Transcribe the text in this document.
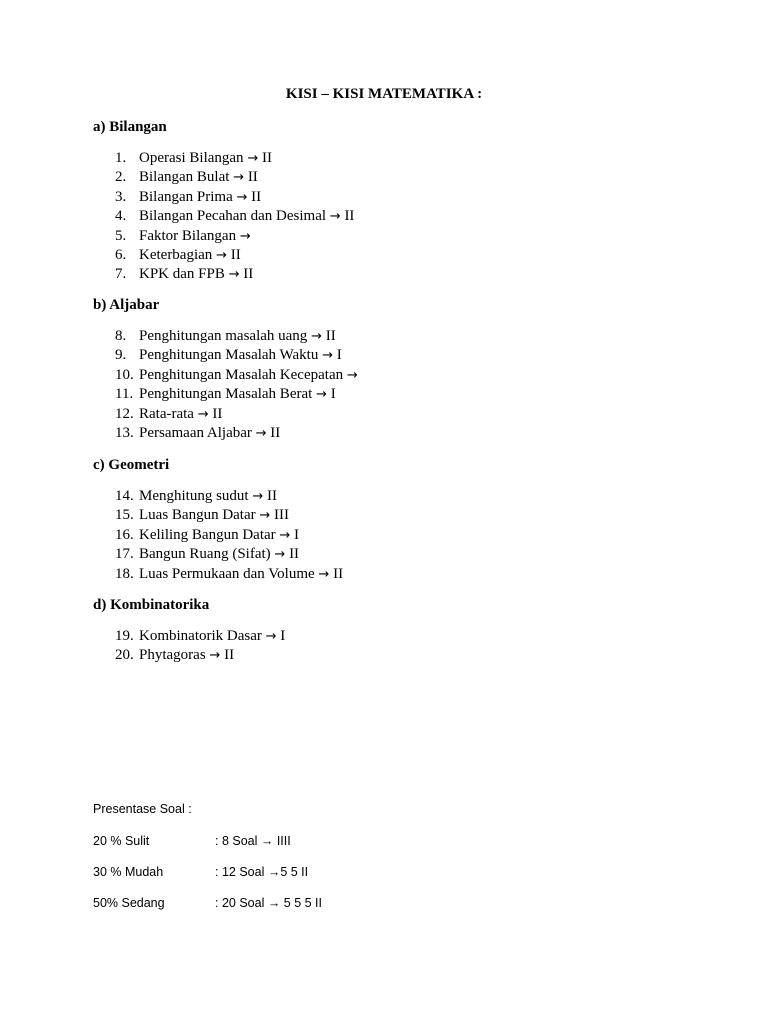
KISI – KISI MATEMATIKA :
a) Bilangan
1. Operasi Bilangan → II
2. Bilangan Bulat → II
3. Bilangan Prima → II
4. Bilangan Pecahan dan Desimal → II
5. Faktor Bilangan →
6. Keterbagian → II
7. KPK dan FPB → II
b) Aljabar
8. Penghitungan masalah uang → II
9. Penghitungan Masalah Waktu → I
10. Penghitungan Masalah Kecepatan →
11. Penghitungan Masalah Berat → I
12. Rata-rata → II
13. Persamaan Aljabar → II
c) Geometri
14. Menghitung sudut → II
15. Luas Bangun Datar → III
16. Keliling Bangun Datar → I
17. Bangun Ruang (Sifat) → II
18. Luas Permukaan dan Volume → II
d) Kombinatorika
19. Kombinatorik Dasar → I
20. Phytagoras → II
Presentase Soal :
20 % Sulit	: 8 Soal → IIII
30 % Mudah	: 12 Soal →5 5 II
50% Sedang	: 20 Soal → 5 5 5 II
